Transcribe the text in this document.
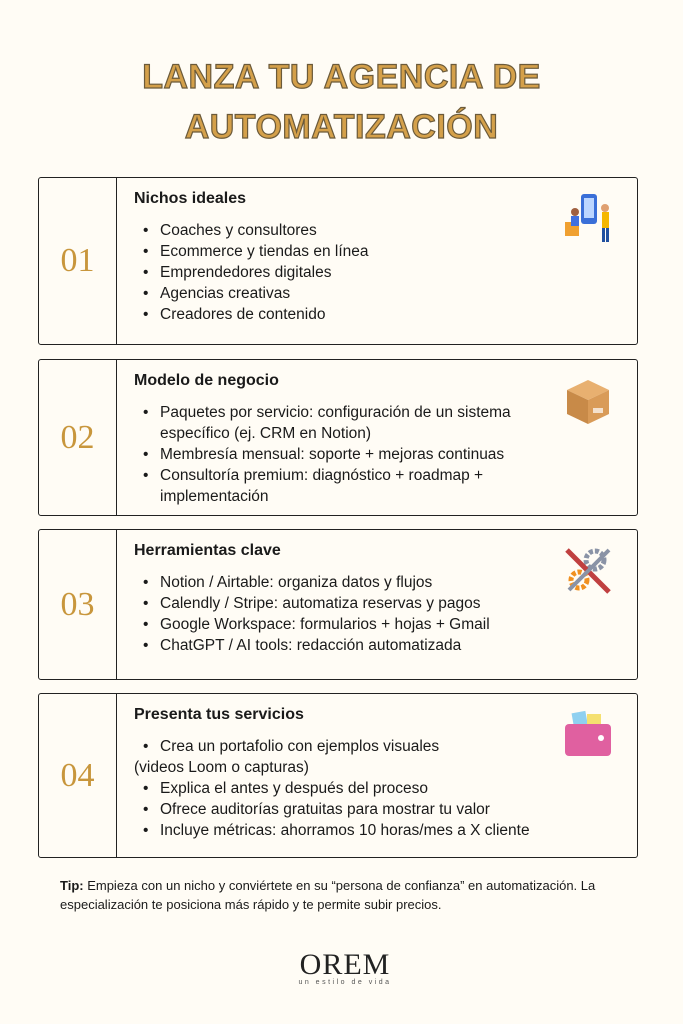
LANZA TU AGENCIA DE
AUTOMATIZACIÓN
01
Nichos ideales
• Coaches y consultores
• Ecommerce y tiendas en línea
• Emprendedores digitales
• Agencias creativas
• Creadores de contenido
02
Modelo de negocio
• Paquetes por servicio: configuración de un sistema específico (ej. CRM en Notion)
• Membresía mensual: soporte + mejoras continuas
• Consultoría premium: diagnóstico + roadmap + implementación
03
Herramientas clave
• Notion / Airtable: organiza datos y flujos
• Calendly / Stripe: automatiza reservas y pagos
• Google Workspace: formularios + hojas + Gmail
• ChatGPT / AI tools: redacción automatizada
04
Presenta tus servicios
• Crea un portafolio con ejemplos visuales
(videos Loom o capturas)
• Explica el antes y después del proceso
• Ofrece auditorías gratuitas para mostrar tu valor
• Incluye métricas: ahorramos 10 horas/mes a X cliente
Tip: Empieza con un nicho y conviértete en su “persona de confianza” en automatización. La especialización te posiciona más rápido y te permite subir precios.
OREM
un estilo de vida
